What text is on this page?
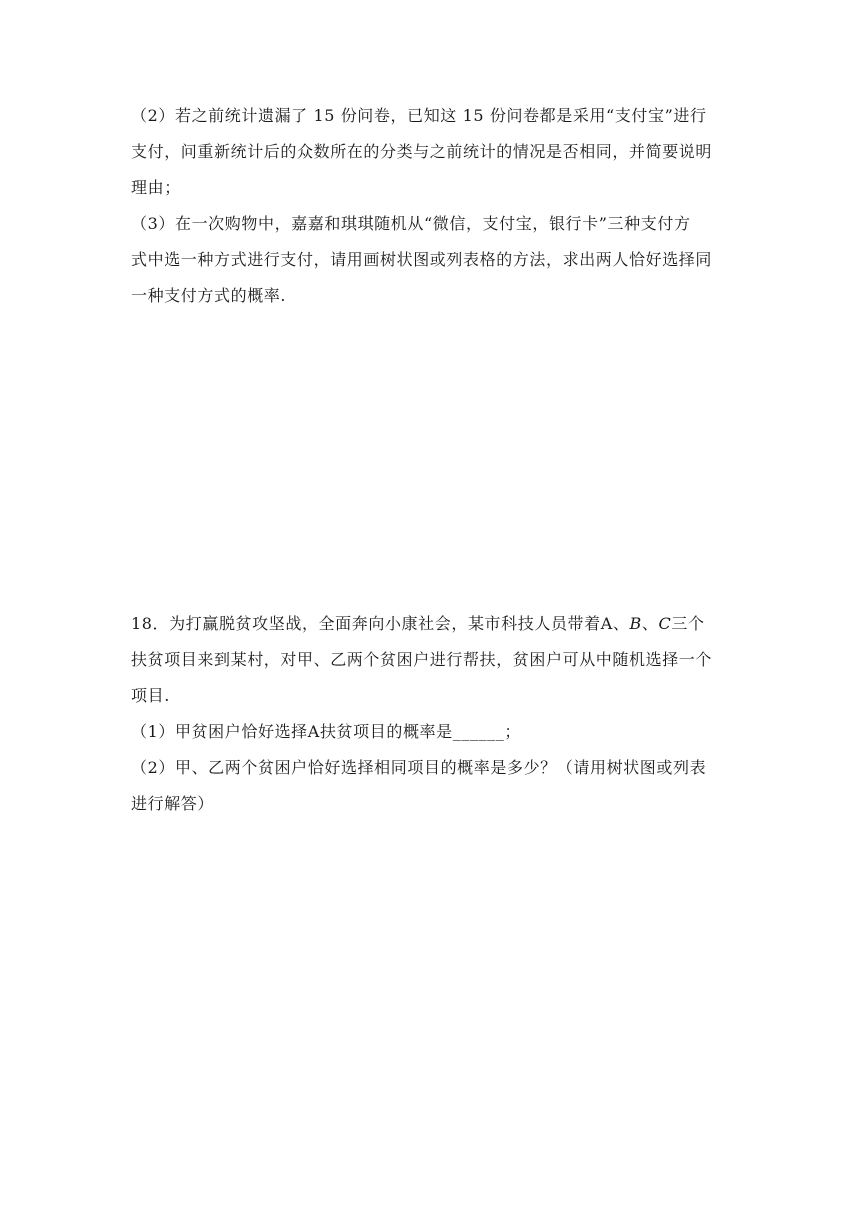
（2）若之前统计遗漏了 15 份问卷，已知这 15 份问卷都是采用“支付宝”进行

支付，问重新统计后的众数所在的分类与之前统计的情况是否相同，并简要说明

理由；

（3）在一次购物中，嘉嘉和琪琪随机从“微信，支付宝，银行卡”三种支付方

式中选一种方式进行支付，请用画树状图或列表格的方法，求出两人恰好选择同

一种支付方式的概率.

18．为打赢脱贫攻坚战，全面奔向小康社会，某市科技人员带着A、B、C三个

扶贫项目来到某村，对甲、乙两个贫困户进行帮扶，贫困户可从中随机选择一个

项目.

（1）甲贫困户恰好选择A扶贫项目的概率是______；

（2）甲、乙两个贫困户恰好选择相同项目的概率是多少？（请用树状图或列表

进行解答）
